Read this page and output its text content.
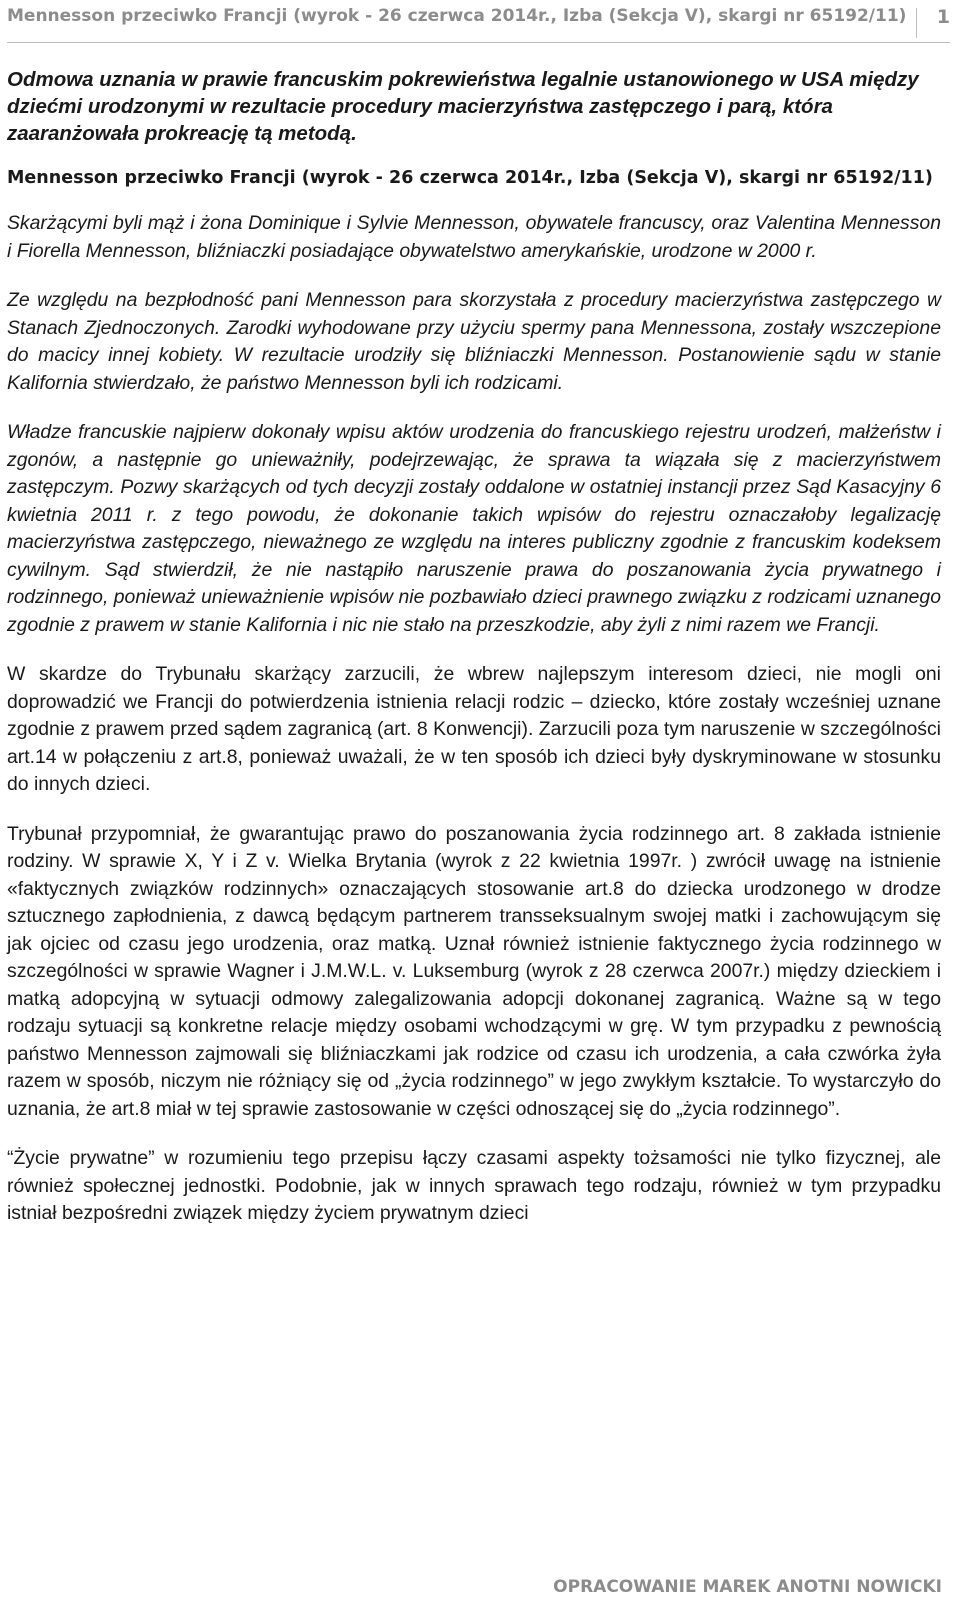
Mennesson przeciwko Francji (wyrok - 26 czerwca 2014r., Izba (Sekcja V), skargi nr 65192/11) 1
Odmowa uznania w prawie francuskim pokrewieństwa legalnie ustanowionego w USA między dziećmi urodzonymi w rezultacie procedury macierzyństwa zastępczego i parą, która zaaranżowała prokreację tą metodą.
Mennesson przeciwko Francji (wyrok - 26 czerwca 2014r., Izba (Sekcja V), skargi nr 65192/11)

Skarżącymi byli mąż i żona Dominique i Sylvie Mennesson, obywatele francuscy, oraz Valentina Mennesson i Fiorella Mennesson, bliźniaczki posiadające obywatelstwo amerykańskie, urodzone w 2000 r.

Ze względu na bezpłodność pani Mennesson para skorzystała z procedury macierzyństwa zastępczego w Stanach Zjednoczonych. Zarodki wyhodowane przy użyciu spermy pana Mennessona, zostały wszczepione do macicy innej kobiety. W rezultacie urodziły się bliźniaczki Mennesson. Postanowienie sądu w stanie Kalifornia stwierdzało, że państwo Mennesson byli ich rodzicami.

Władze francuskie najpierw dokonały wpisu aktów urodzenia do francuskiego rejestru urodzeń, małżeństw i zgonów, a następnie go unieważniły, podejrzewając, że sprawa ta wiązała się z macierzyństwem zastępczym. Pozwy skarżących od tych decyzji zostały oddalone w ostatniej instancji przez Sąd Kasacyjny 6 kwietnia 2011 r. z tego powodu, że dokonanie takich wpisów do rejestru oznaczałoby legalizację macierzyństwa zastępczego, nieważnego ze względu na interes publiczny zgodnie z francuskim kodeksem cywilnym. Sąd stwierdził, że nie nastąpiło naruszenie prawa do poszanowania życia prywatnego i rodzinnego, ponieważ unieważnienie wpisów nie pozbawiało dzieci prawnego związku z rodzicami uznanego zgodnie z prawem w stanie Kalifornia i nic nie stało na przeszkodzie, aby żyli z nimi razem we Francji.

W skardze do Trybunału skarżący zarzucili, że wbrew najlepszym interesom dzieci, nie mogli oni doprowadzić we Francji do potwierdzenia istnienia relacji rodzic – dziecko, które zostały wcześniej uznane zgodnie z prawem przed sądem zagranicą (art. 8 Konwencji). Zarzucili poza tym naruszenie w szczególności art.14 w połączeniu z art.8, ponieważ uważali, że w ten sposób ich dzieci były dyskryminowane w stosunku do innych dzieci.

Trybunał przypomniał, że gwarantując prawo do poszanowania życia rodzinnego art. 8 zakłada istnienie rodziny. W sprawie X, Y i Z v. Wielka Brytania (wyrok z 22 kwietnia 1997r. ) zwrócił uwagę na istnienie «faktycznych związków rodzinnych» oznaczających stosowanie art.8 do dziecka urodzonego w drodze sztucznego zapłodnienia, z dawcą będącym partnerem transseksualnym swojej matki i zachowującym się jak ojciec od czasu jego urodzenia, oraz matką. Uznał również istnienie faktycznego życia rodzinnego w szczególności w sprawie Wagner i J.M.W.L. v. Luksemburg (wyrok z 28 czerwca 2007r.) między dzieckiem i matką adopcyjną w sytuacji odmowy zalegalizowania adopcji dokonanej zagranicą. Ważne są w tego rodzaju sytuacji są konkretne relacje między osobami wchodzącymi w grę. W tym przypadku z pewnością państwo Mennesson zajmowali się bliźniaczkami jak rodzice od czasu ich urodzenia, a cała czwórka żyła razem w sposób, niczym nie różniący się od „życia rodzinnego” w jego zwykłym kształcie. To wystarczyło do uznania, że art.8 miał w tej sprawie zastosowanie w części odnoszącej się do „życia rodzinnego”.

“Życie prywatne” w rozumieniu tego przepisu łączy czasami aspekty tożsamości nie tylko fizycznej, ale również społecznej jednostki. Podobnie, jak w innych sprawach tego rodzaju, również w tym przypadku istniał bezpośredni związek między życiem prywatnym dzieci

OPRACOWANIE MAREK ANOTNI NOWICKI
